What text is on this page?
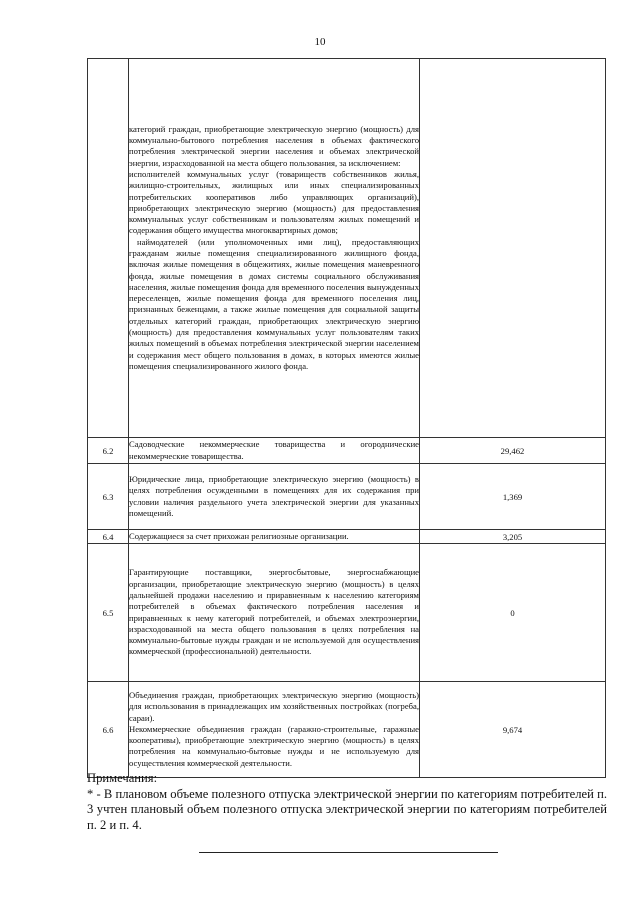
10

	категорий граждан, приобретающие электрическую энергию (мощность) для коммунально-бытового потребления населения в объемах фактического потребления электрической энергии населения и объемах электрической энергии, израсходованной на места общего пользования, за исключением:
исполнителей коммунальных услуг (товариществ собственников жилья, жилищно-строительных, жилищных или иных специализированных потребительских кооперативов либо управляющих организаций), приобретающих электрическую энергию (мощность) для предоставления коммунальных услуг собственникам и пользователям жилых помещений и содержания общего имущества многоквартирных домов;
наймодателей (или уполномоченных ими лиц), предоставляющих гражданам жилые помещения специализированного жилищного фонда, включая жилые помещения в общежитиях, жилые помещения маневренного фонда, жилые помещения в домах системы социального обслуживания населения, жилые помещения фонда для временного поселения вынужденных переселенцев, жилые помещения фонда для временного поселения лиц, признанных беженцами, а также жилые помещения для социальной защиты отдельных категорий граждан, приобретающих электрическую энергию (мощность) для предоставления коммунальных услуг пользователям таких жилых помещений в объемах потребления электрической энергии населением и содержания мест общего пользования в домах, в которых имеются жилые помещения специализированного жилого фонда.	

6.2	Садоводческие некоммерческие товарищества и огороднические некоммерческие товарищества.	29,462
6.3	Юридические лица, приобретающие электрическую энергию (мощность) в целях потребления осужденными в помещениях для их содержания при условии наличия раздельного учета электрической энергии для указанных помещений.	1,369
6.4	Содержащиеся за счет прихожан религиозные организации.	3,205
6.5	Гарантирующие поставщики, энергосбытовые, энергоснабжающие организации, приобретающие электрическую энергию (мощность) в целях дальнейшей продажи населению и приравненным к населению категориям потребителей в объемах фактического потребления населения и приравненных к нему категорий потребителей, и объемах электроэнергии, израсходованной на места общего пользования в целях потребления на коммунально-бытовые нужды граждан и не используемой для осуществления коммерческой (профессиональной) деятельности.	0
6.6	Объединения граждан, приобретающих электрическую энергию (мощность) для использования в принадлежащих им хозяйственных постройках (погреба, сараи).
Некоммерческие объединения граждан (гаражно-строительные, гаражные кооперативы), приобретающие электрическую энергию (мощность) в целях потребления на коммунально-бытовые нужды и не используемую для осуществления коммерческой деятельности.	9,674

Примечания:

* - В плановом объеме полезного отпуска электрической энергии по категориям потребителей п. 3 учтен плановый объем полезного отпуска электрической энергии по категориям потребителей п. 2 и п. 4.
